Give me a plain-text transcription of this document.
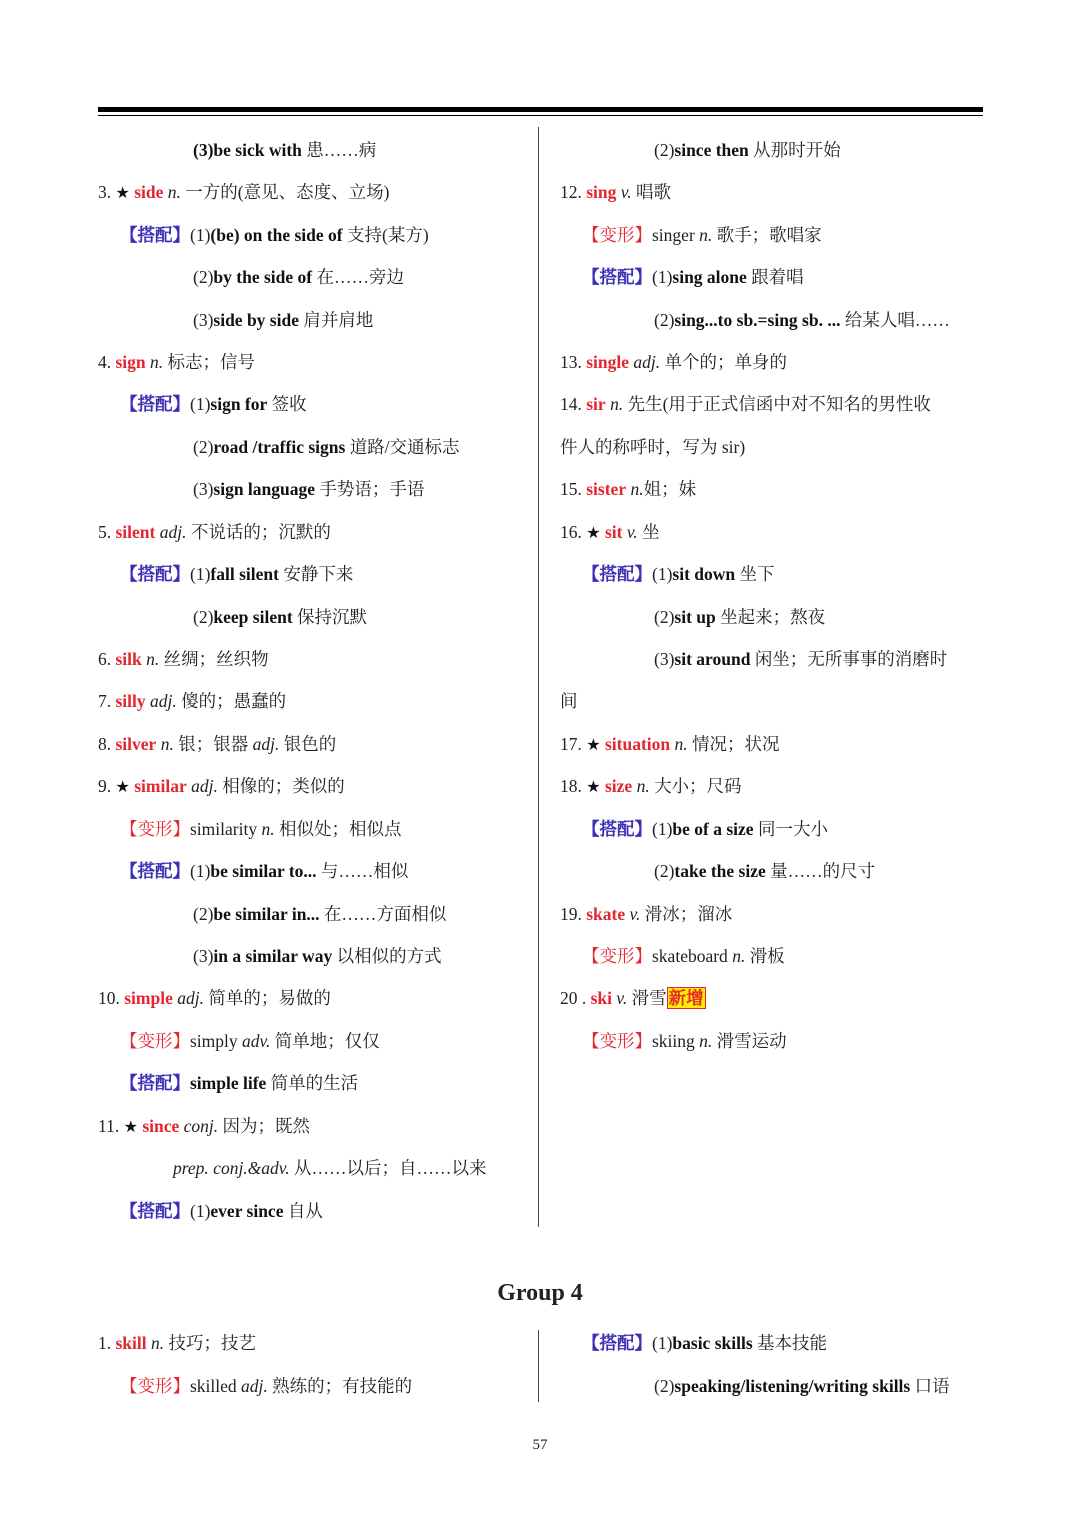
(3)be sick with 患……病
3. ★ side n. 一方的(意见、态度、立场)
【搭配】(1)(be) on the side of 支持(某方)
(2)by the side of 在……旁边
(3)side by side 肩并肩地
4. sign n. 标志；信号
【搭配】(1)sign for 签收
(2)road /traffic signs 道路/交通标志
(3)sign language 手势语；手语
5. silent adj. 不说话的；沉默的
【搭配】(1)fall silent 安静下来
(2)keep silent 保持沉默
6. silk n. 丝绸；丝织物
7. silly adj. 傻的；愚蠢的
8. silver n. 银；银器 adj. 银色的
9. ★ similar adj. 相像的；类似的
【变形】similarity n. 相似处；相似点
【搭配】(1)be similar to... 与……相似
(2)be similar in... 在……方面相似
(3)in a similar way 以相似的方式
10. simple adj. 简单的；易做的
【变形】simply adv. 简单地；仅仅
【搭配】simple life 简单的生活
11. ★ since conj. 因为；既然
prep. conj.&adv. 从……以后；自……以来
【搭配】(1)ever since 自从
(2)since then 从那时开始
12. sing v. 唱歌
【变形】singer n. 歌手；歌唱家
【搭配】(1)sing alone 跟着唱
(2)sing...to sb.=sing sb. ... 给某人唱……
13. single adj. 单个的；单身的
14. sir n. 先生(用于正式信函中对不知名的男性收
件人的称呼时，写为 sir)
15. sister n.姐；妹
16. ★ sit v. 坐
【搭配】(1)sit down 坐下
(2)sit up 坐起来；熬夜
(3)sit around 闲坐；无所事事的消磨时
间
17. ★ situation n. 情况；状况
18. ★ size n. 大小；尺码
【搭配】(1)be of a size 同一大小
(2)take the size 量……的尺寸
19. skate v. 滑冰；溜冰
【变形】skateboard n. 滑板
20 . ski v. 滑雪 新增
【变形】skiing n. 滑雪运动
1. skill n. 技巧；技艺
【变形】skilled adj. 熟练的；有技能的
【搭配】(1)basic skills 基本技能
(2)speaking/listening/writing skills 口语
Group 4
57
